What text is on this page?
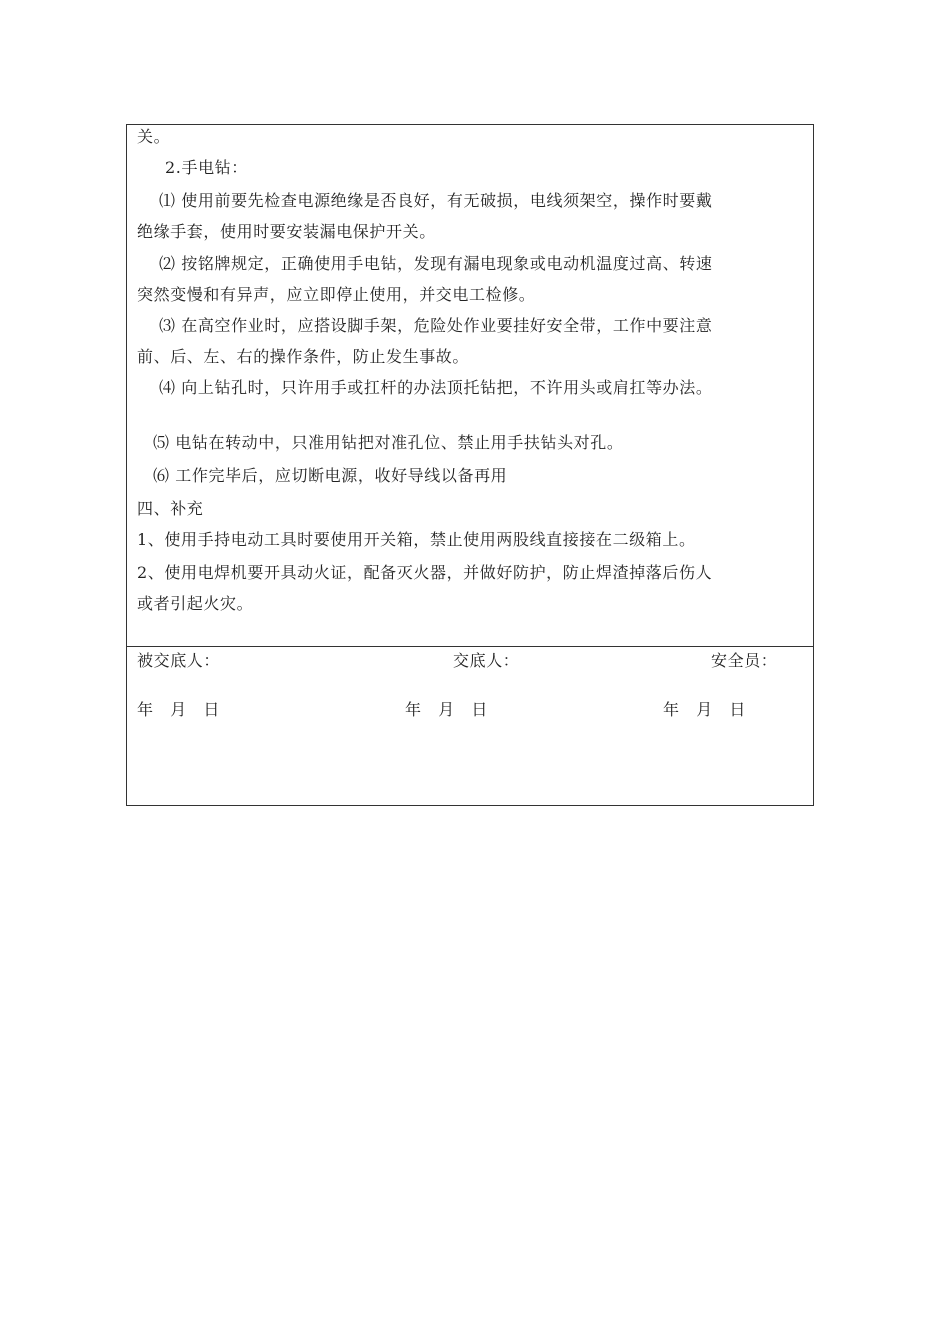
关。
2.手电钻：
⑴ 使用前要先检查电源绝缘是否良好，有无破损，电线须架空，操作时要戴
绝缘手套，使用时要安装漏电保护开关。
⑵ 按铭牌规定，正确使用手电钻，发现有漏电现象或电动机温度过高、转速
突然变慢和有异声，应立即停止使用，并交电工检修。
⑶ 在高空作业时，应搭设脚手架，危险处作业要挂好安全带，工作中要注意
前、后、左、右的操作条件，防止发生事故。
⑷ 向上钻孔时，只许用手或扛杆的办法顶托钻把，不许用头或肩扛等办法。
⑸ 电钻在转动中，只准用钻把对准孔位、禁止用手扶钻头对孔。
⑹ 工作完毕后，应切断电源，收好导线以备再用
四、补充
1、使用手持电动工具时要使用开关箱，禁止使用两股线直接接在二级箱上。
2、使用电焊机要开具动火证，配备灭火器，并做好防护，防止焊渣掉落后伤人
或者引起火灾。
被交底人：	交底人：	安全员：
年　月　日	年　月　日	年　月　日
